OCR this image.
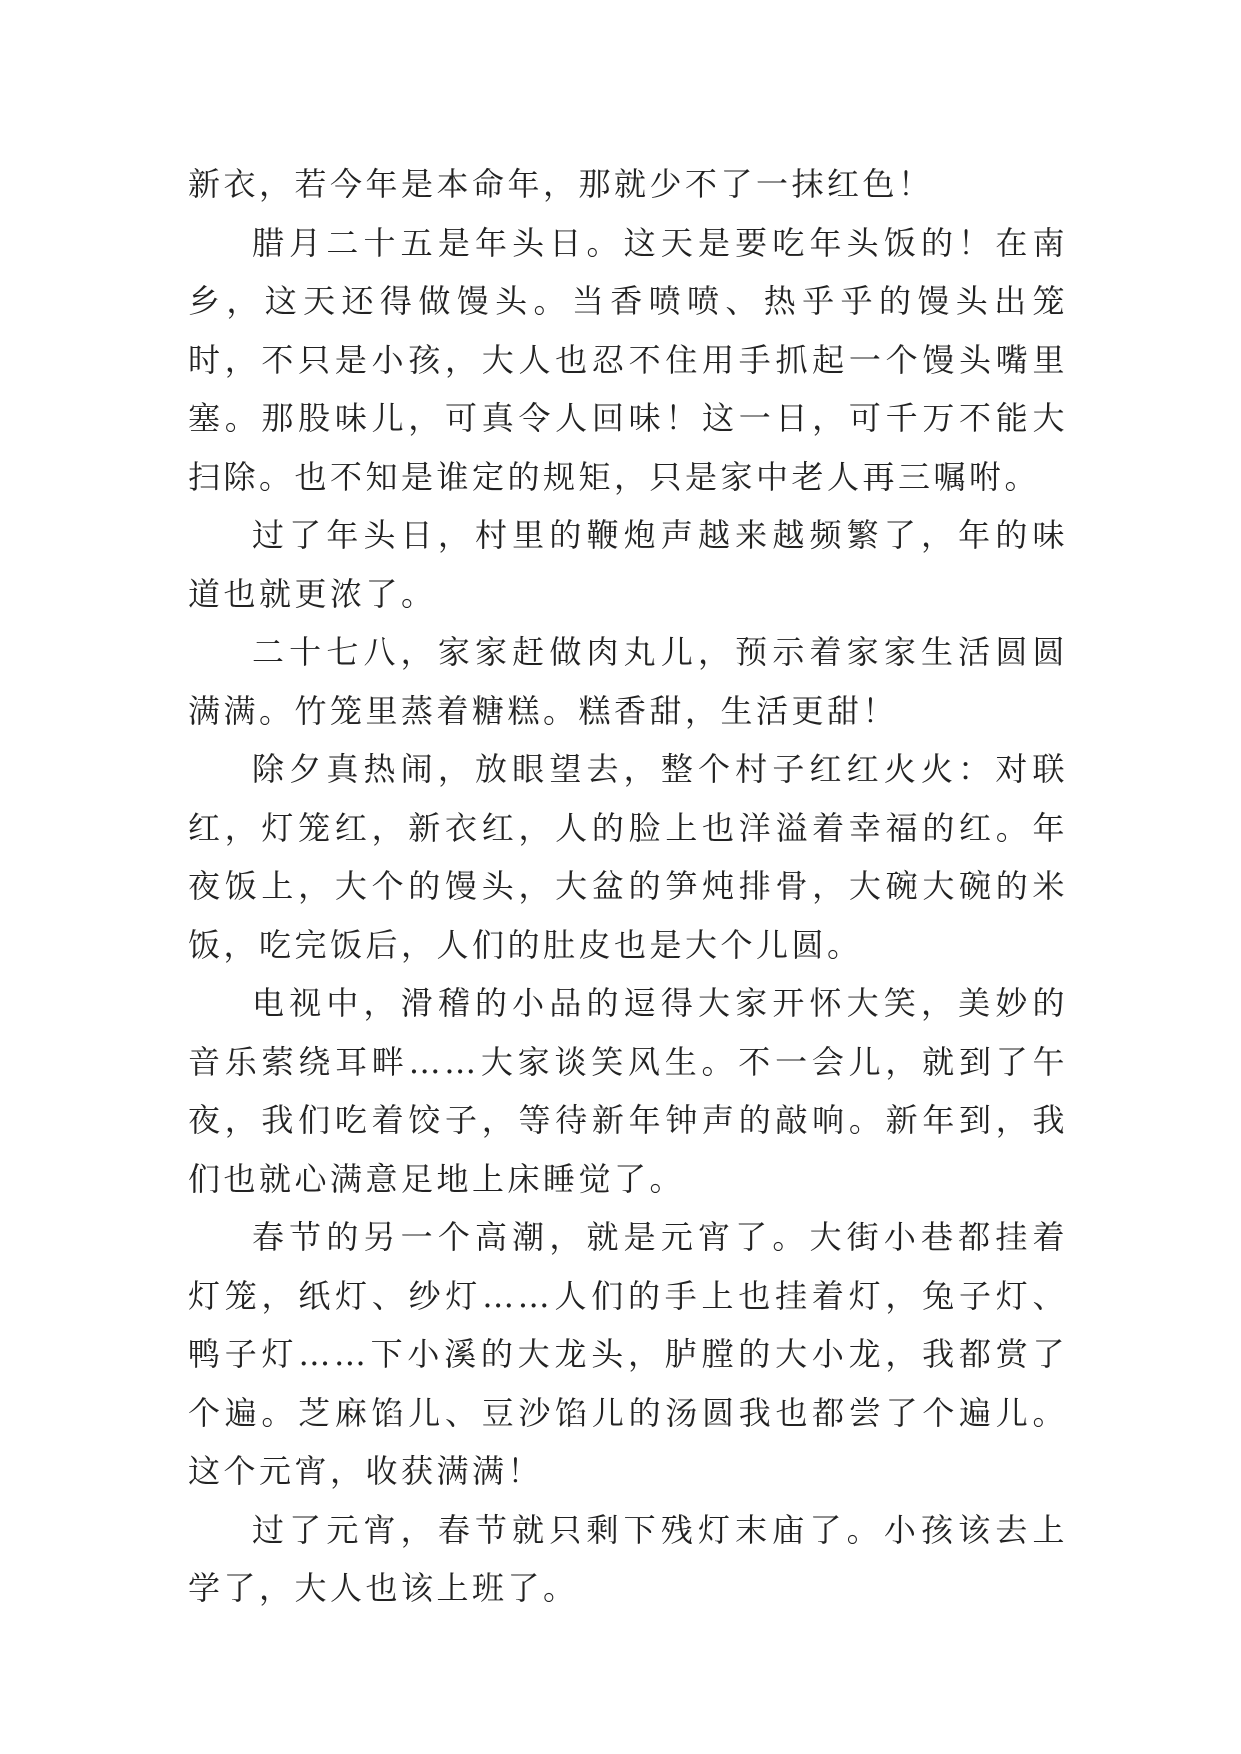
新衣，若今年是本命年，那就少不了一抹红色！

腊月二十五是年头日。这天是要吃年头饭的！在南乡，这天还得做馒头。当香喷喷、热乎乎的馒头出笼时，不只是小孩，大人也忍不住用手抓起一个馒头嘴里塞。那股味儿，可真令人回味！这一日，可千万不能大扫除。也不知是谁定的规矩，只是家中老人再三嘱咐。

过了年头日，村里的鞭炮声越来越频繁了，年的味道也就更浓了。

二十七八，家家赶做肉丸儿，预示着家家生活圆圆满满。竹笼里蒸着糖糕。糕香甜，生活更甜！

除夕真热闹，放眼望去，整个村子红红火火：对联红，灯笼红，新衣红，人的脸上也洋溢着幸福的红。年夜饭上，大个的馒头，大盆的笋炖排骨，大碗大碗的米饭，吃完饭后，人们的肚皮也是大个儿圆。

电视中，滑稽的小品的逗得大家开怀大笑，美妙的音乐萦绕耳畔……大家谈笑风生。不一会儿，就到了午夜，我们吃着饺子，等待新年钟声的敲响。新年到，我们也就心满意足地上床睡觉了。

春节的另一个高潮，就是元宵了。大街小巷都挂着灯笼，纸灯、纱灯……人们的手上也挂着灯，兔子灯、鸭子灯……下小溪的大龙头，胪膛的大小龙，我都赏了个遍。芝麻馅儿、豆沙馅儿的汤圆我也都尝了个遍儿。这个元宵，收获满满！

过了元宵，春节就只剩下残灯末庙了。小孩该去上学了，大人也该上班了。
